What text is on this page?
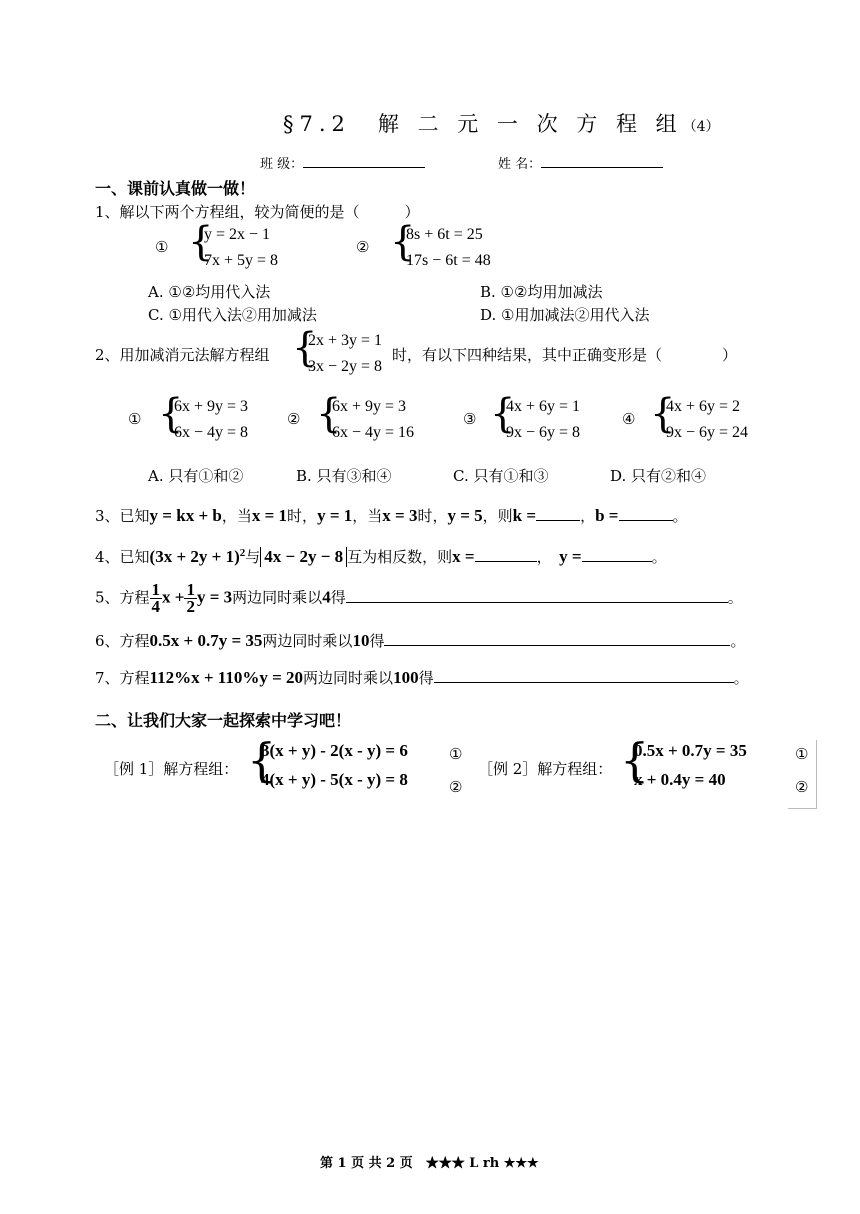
§7.2　解 二 元 一 次 方 程 组（4）
班 级：	姓 名：
一、课前认真做一做！
1、解以下两个方程组，较为简便的是（　　　）
① {
y = 2x − 1
7x + 5y = 8
② {
8s + 6t = 25
17s − 6t = 48
A. ①②均用代入法	B. ①②均用加减法
C. ①用代入法②用加减法	D. ①用加减法②用代入法
2、用加减消元法解方程组 {
2x + 3y = 1
3x − 2y = 8
时，有以下四种结果，其中正确变形是（　　　　）
① {
6x + 9y = 3
6x − 4y = 8
② {
6x + 9y = 3
6x − 4y = 16
③ {
4x + 6y = 1
9x − 6y = 8
④ {
4x + 6y = 2
9x − 6y = 24
A. 只有①和②	B. 只有③和④	C. 只有①和③	D. 只有②和④
3、已知y = kx + b，当x = 1时，y = 1，当x = 3时，y = 5，则k =	，b =	。
4、已知$(3x + 2y + 1)^2$与 4x − 2y − 8 互为相反数，则x =	，　 y =	。
5、方程 $\frac{1}{4}$ $x + \frac{1}{2}$ y = 3两边同时乘以4得	。
6、方程0.5x + 0.7y = 35两边同时乘以10得	。
7、方程112%x + 110%y = 20两边同时乘以100得	。
二、让我们大家一起探索中学习吧！
［例 1］解方程组： {
3(x + y) - 2(x - y) = 6
4(x + y) - 5(x - y) = 8
①
②
［例 2］解方程组： {
0.5x + 0.7y = 35
x + 0.4y = 40
①
②
第 1 页 共 2 页　★★★ L rh ★★★
